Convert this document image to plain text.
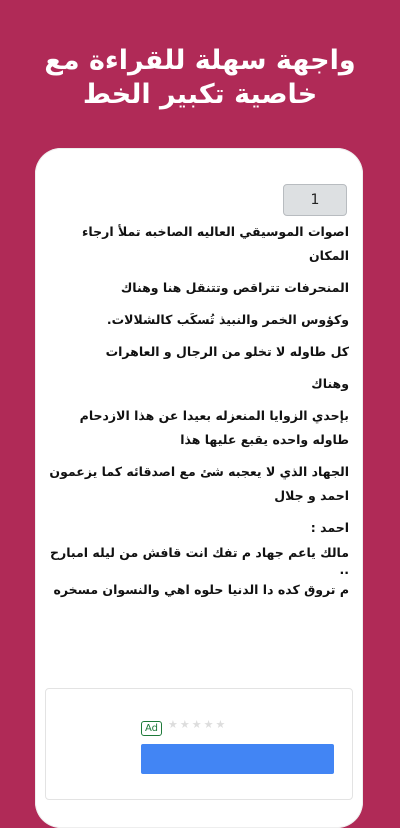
واجهة سهلة للقراءة مع
خاصية تكبير الخط
1

اصوات الموسيقي العاليه الصاخبه تملأ ارجاء المكان

المنحرفات تتراقص وتتنقل هنا وهناك

وكؤوس الخمر والنبيذ تُسكَب كالشلالات.

كل طاوله لا تخلو من الرجال و العاهرات

وهناك

بإحدي الزوايا المنعزله بعيدا عن هذا الازدحام طاوله واحده يقبع عليها هذا

الجهاد الذي لا يعجبه شئ مع اصدقائه كما يزعمون احمد و جلال

احمد :

مالك ياعم جهاد م تفك انت قافش من ليله امبارح

..

م تروق كده دا الدنيا حلوه اهي والنسوان مسخره

Ad ★★★★★
